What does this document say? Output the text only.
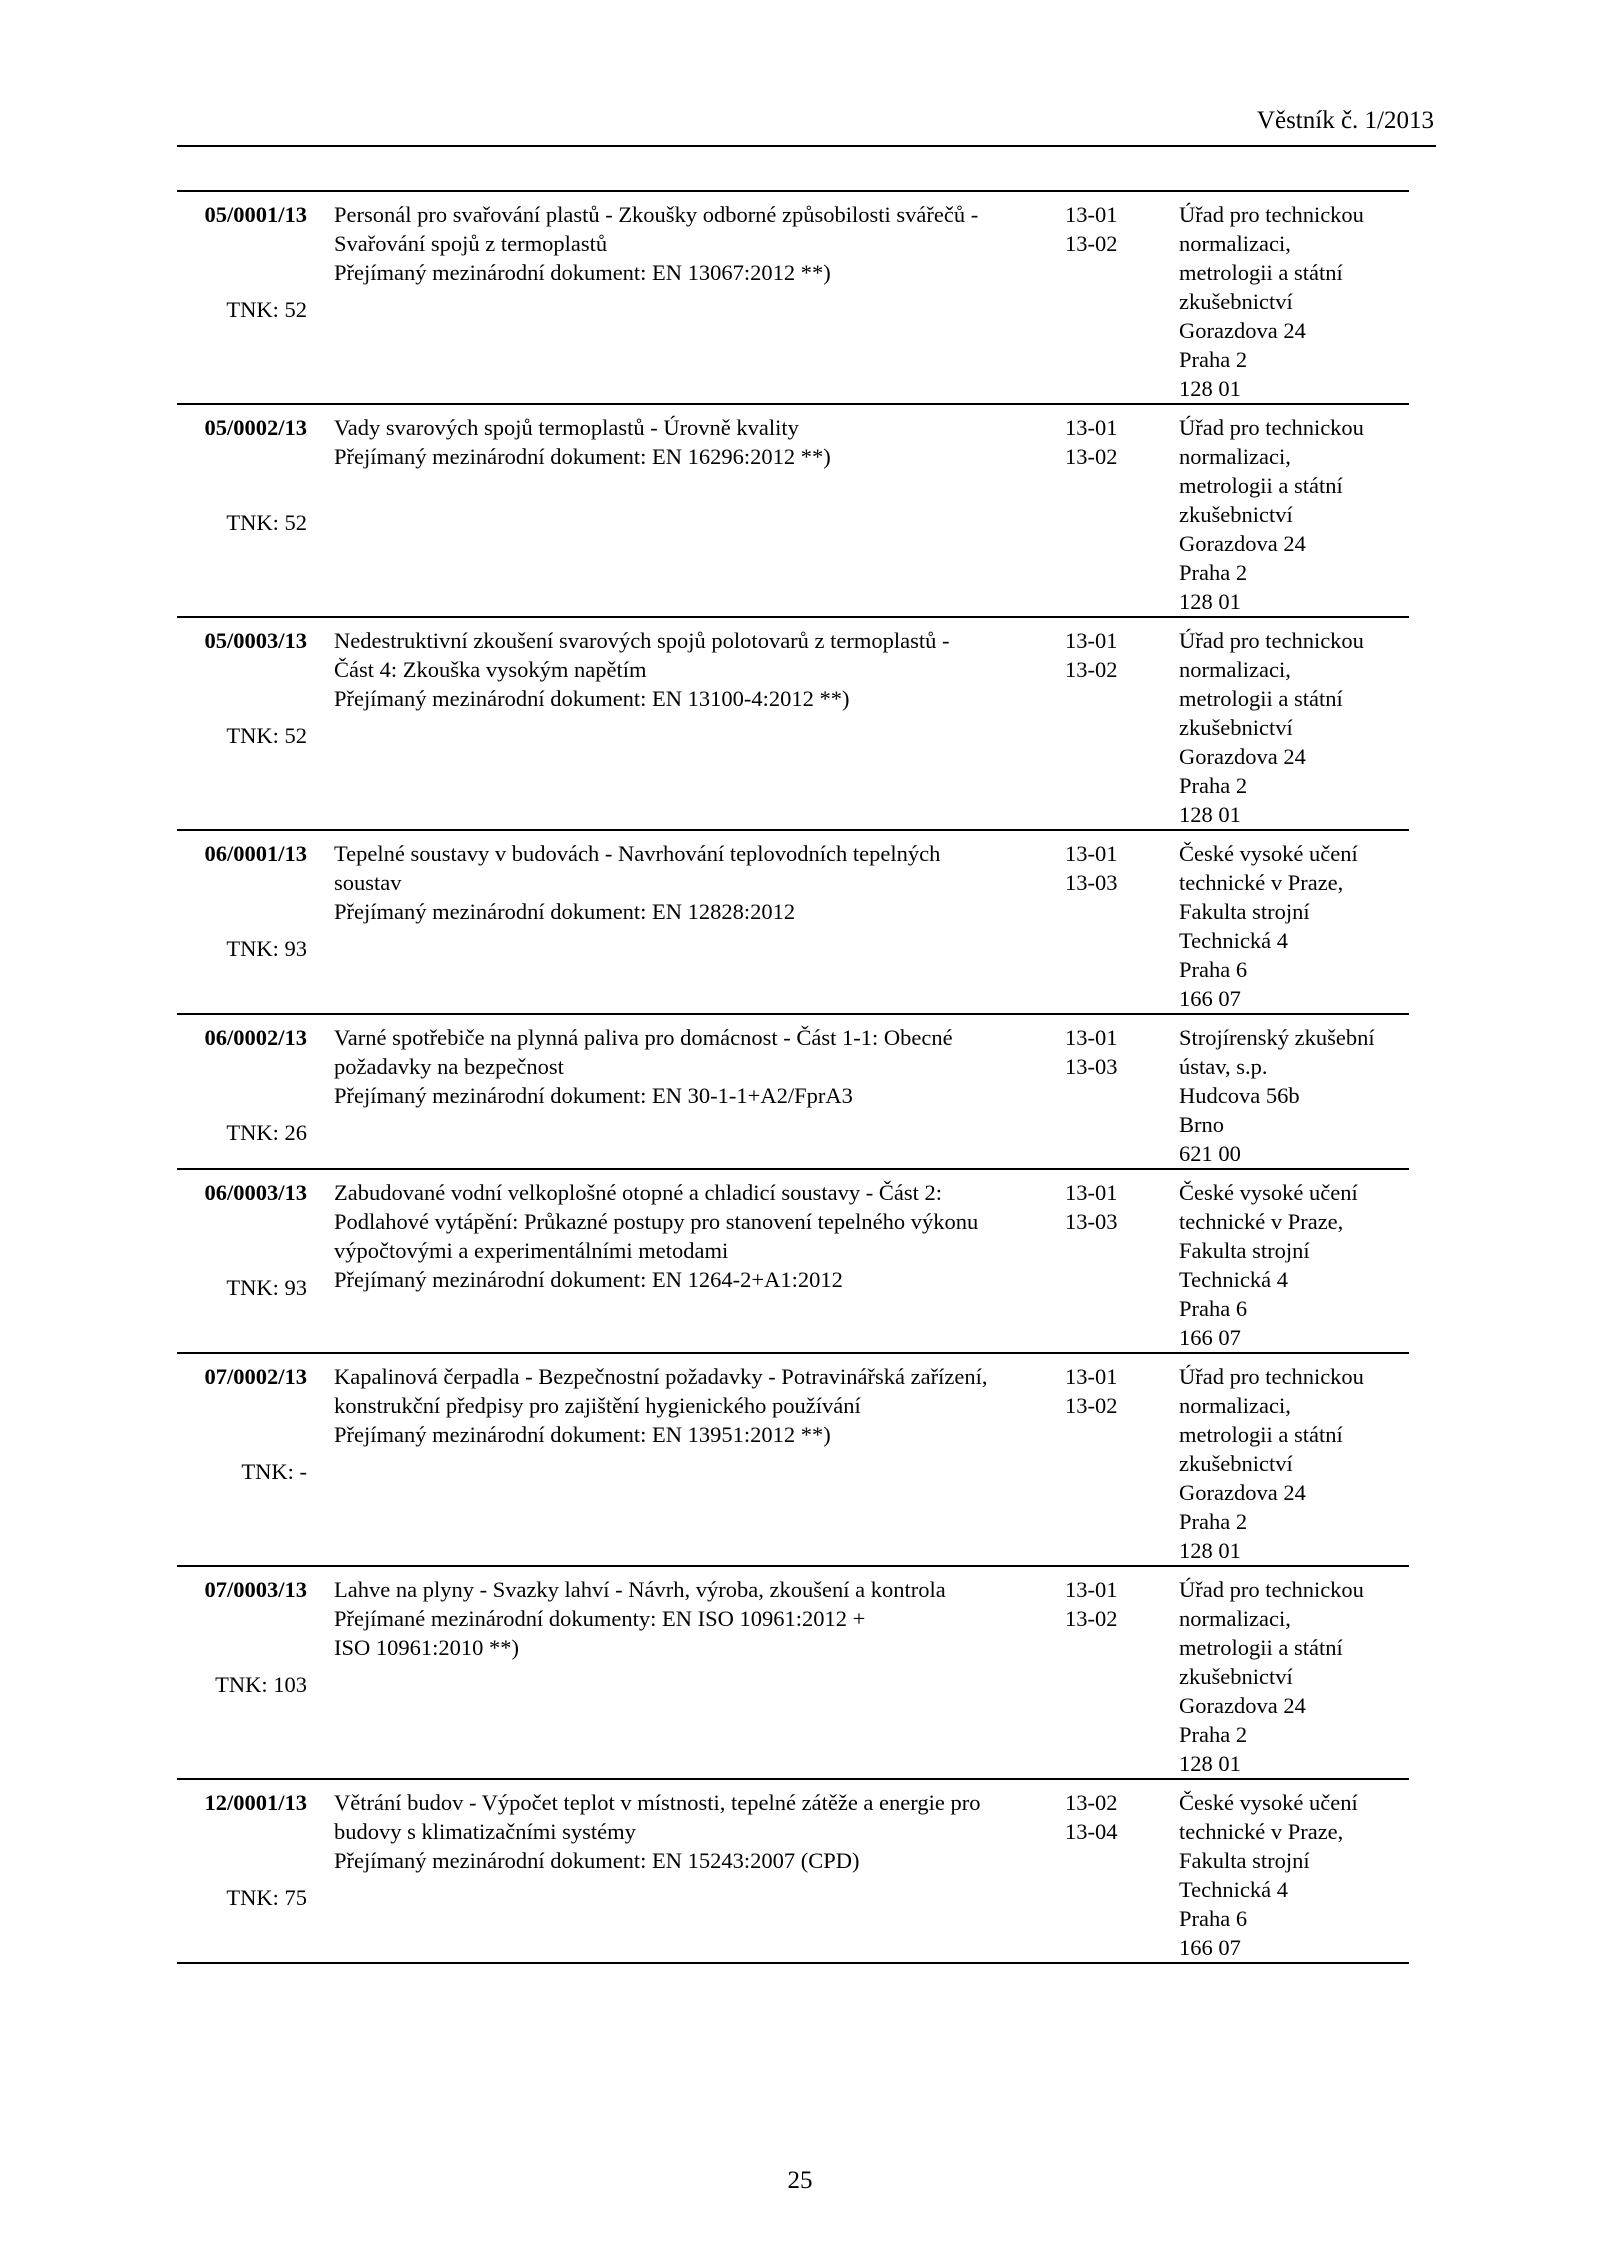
Věstník č. 1/2013
05/0001/13
TNK: 52
Personál pro svařování plastů - Zkoušky odborné způsobilosti svářečů -
Svařování spojů z termoplastů
Přejímaný mezinárodní dokument: EN 13067:2012 **)
13-01
13-02
Úřad pro technickou
normalizaci,
metrologii a státní
zkušebnictví
Gorazdova 24
Praha 2
128 01
05/0002/13
TNK: 52
Vady svarových spojů termoplastů - Úrovně kvality
Přejímaný mezinárodní dokument: EN 16296:2012 **)
13-01
13-02
Úřad pro technickou
normalizaci,
metrologii a státní
zkušebnictví
Gorazdova 24
Praha 2
128 01
05/0003/13
TNK: 52
Nedestruktivní zkoušení svarových spojů polotovarů z termoplastů -
Část 4: Zkouška vysokým napětím
Přejímaný mezinárodní dokument: EN 13100-4:2012 **)
13-01
13-02
Úřad pro technickou
normalizaci,
metrologii a státní
zkušebnictví
Gorazdova 24
Praha 2
128 01
06/0001/13
TNK: 93
Tepelné soustavy v budovách - Navrhování teplovodních tepelných
soustav
Přejímaný mezinárodní dokument: EN 12828:2012
13-01
13-03
České vysoké učení
technické v Praze,
Fakulta strojní
Technická 4
Praha 6
166 07
06/0002/13
TNK: 26
Varné spotřebiče na plynná paliva pro domácnost - Část 1-1: Obecné
požadavky na bezpečnost
Přejímaný mezinárodní dokument: EN 30-1-1+A2/FprA3
13-01
13-03
Strojírenský zkušební
ústav, s.p.
Hudcova 56b
Brno
621 00
06/0003/13
TNK: 93
Zabudované vodní velkoplošné otopné a chladicí soustavy - Část 2:
Podlahové vytápění: Průkazné postupy pro stanovení tepelného výkonu
výpočtovými a experimentálními metodami
Přejímaný mezinárodní dokument: EN 1264-2+A1:2012
13-01
13-03
České vysoké učení
technické v Praze,
Fakulta strojní
Technická 4
Praha 6
166 07
07/0002/13
TNK: -
Kapalinová čerpadla - Bezpečnostní požadavky - Potravinářská zařízení,
konstrukční předpisy pro zajištění hygienického používání
Přejímaný mezinárodní dokument: EN 13951:2012 **)
13-01
13-02
Úřad pro technickou
normalizaci,
metrologii a státní
zkušebnictví
Gorazdova 24
Praha 2
128 01
07/0003/13
TNK: 103
Lahve na plyny - Svazky lahví - Návrh, výroba, zkoušení a kontrola
Přejímané mezinárodní dokumenty: EN ISO 10961:2012 +
ISO 10961:2010 **)
13-01
13-02
Úřad pro technickou
normalizaci,
metrologii a státní
zkušebnictví
Gorazdova 24
Praha 2
128 01
12/0001/13
TNK: 75
Větrání budov - Výpočet teplot v místnosti, tepelné zátěže a energie pro
budovy s klimatizačními systémy
Přejímaný mezinárodní dokument: EN 15243:2007 (CPD)
13-02
13-04
České vysoké učení
technické v Praze,
Fakulta strojní
Technická 4
Praha 6
166 07
25
